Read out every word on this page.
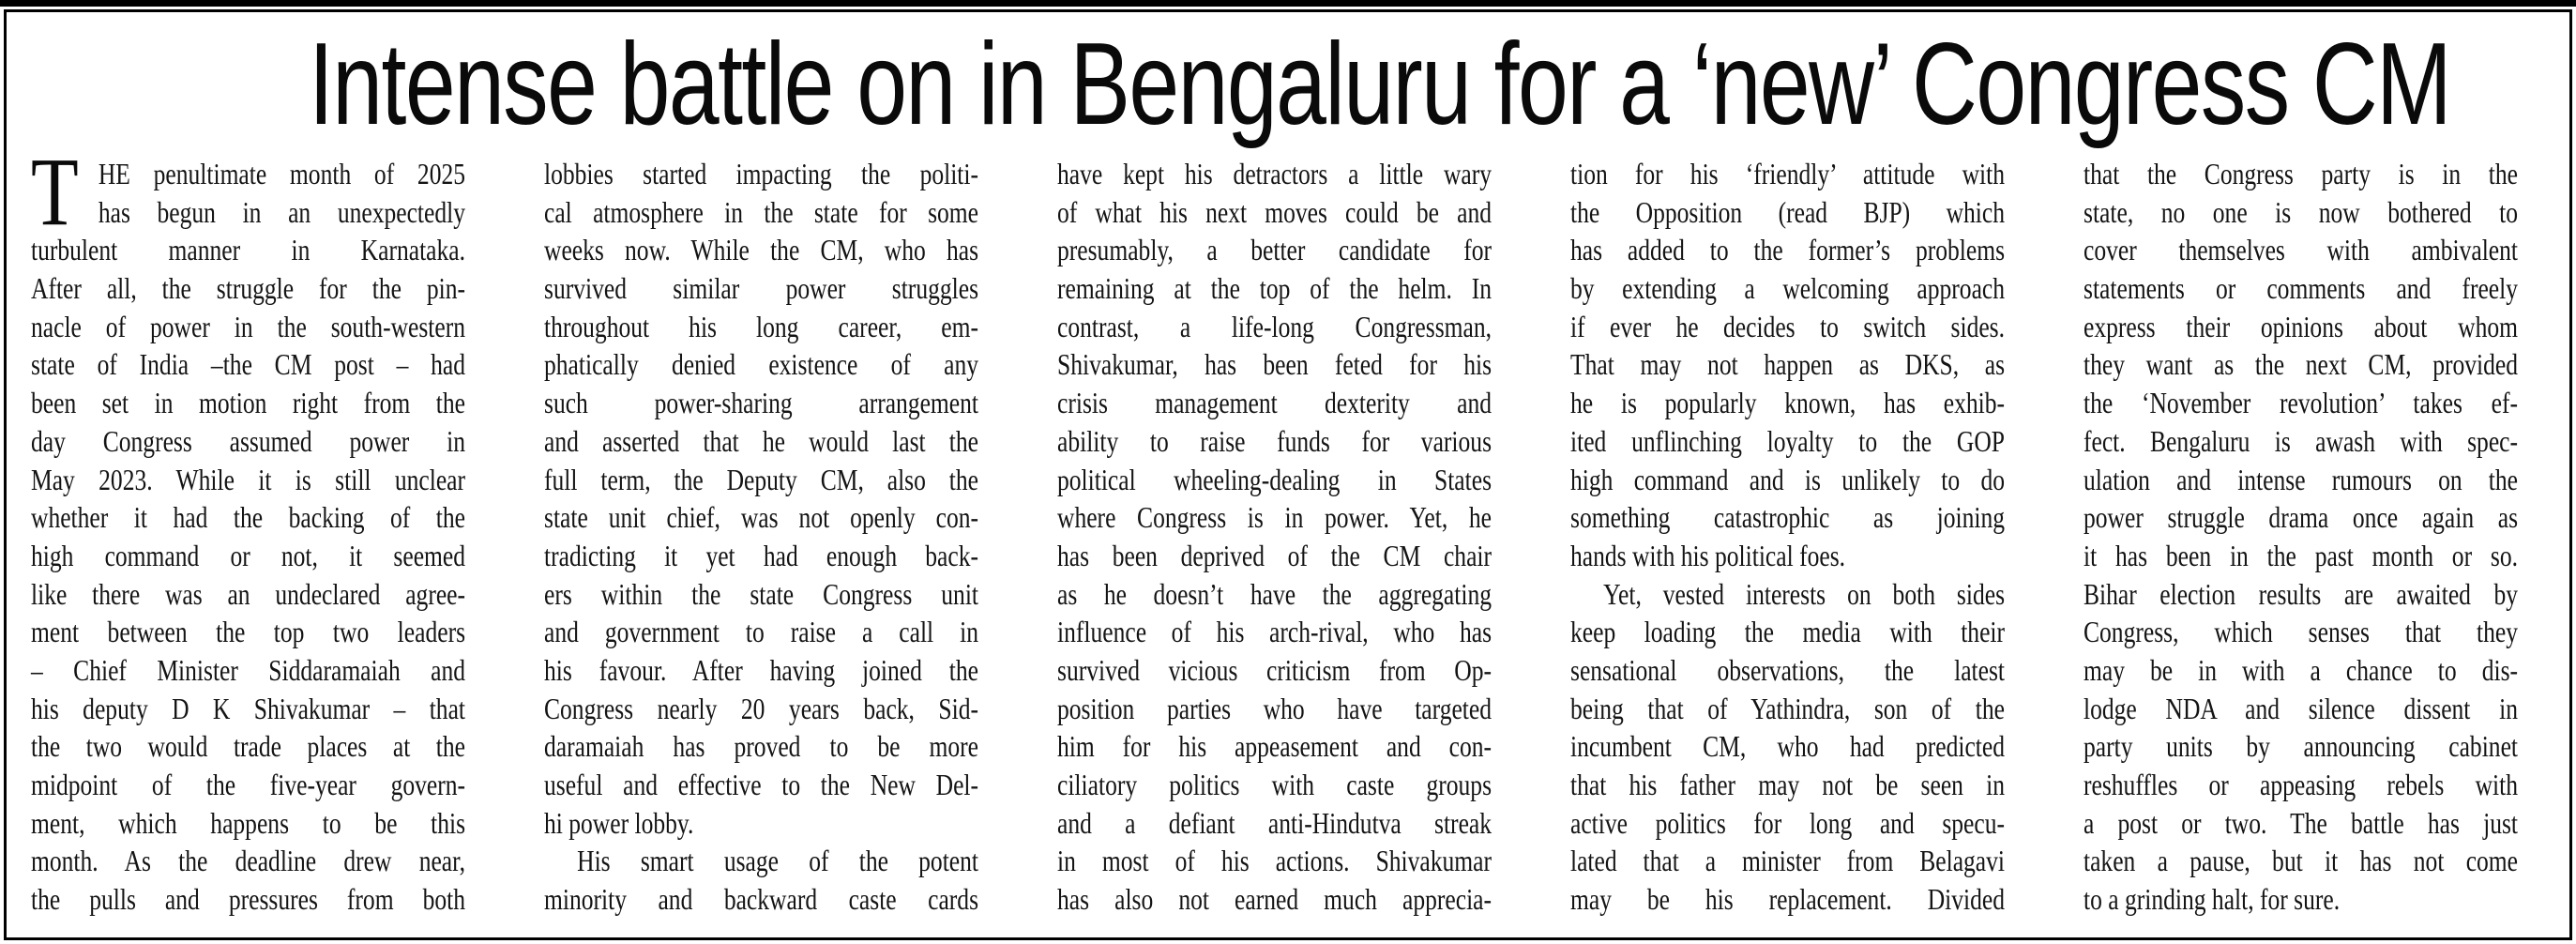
Intense battle on in Bengaluru for a ‘new’ Congress CM
T HE penultimate month of 2025
has begun in an unexpectedly
turbulent manner in Karnataka.
After all, the struggle for the pin-
nacle of power in the south-western
state of India –the CM post – had
been set in motion right from the
day Congress assumed power in
May 2023. While it is still unclear
whether it had the backing of the
high command or not, it seemed
like there was an undeclared agree-
ment between the top two leaders
– Chief Minister Siddaramaiah and
his deputy D K Shivakumar – that
the two would trade places at the
midpoint of the five-year govern-
ment, which happens to be this
month. As the deadline drew near,
the pulls and pressures from both
lobbies started impacting the politi-
cal atmosphere in the state for some
weeks now. While the CM, who has
survived similar power struggles
throughout his long career, em-
phatically denied existence of any
such power-sharing arrangement
and asserted that he would last the
full term, the Deputy CM, also the
state unit chief, was not openly con-
tradicting it yet had enough back-
ers within the state Congress unit
and government to raise a call in
his favour. After having joined the
Congress nearly 20 years back, Sid-
daramaiah has proved to be more
useful and effective to the New Del-
hi power lobby.
His smart usage of the potent
minority and backward caste cards
have kept his detractors a little wary
of what his next moves could be and
presumably, a better candidate for
remaining at the top of the helm. In
contrast, a life-long Congressman,
Shivakumar, has been feted for his
crisis management dexterity and
ability to raise funds for various
political wheeling-dealing in States
where Congress is in power. Yet, he
has been deprived of the CM chair
as he doesn’t have the aggregating
influence of his arch-rival, who has
survived vicious criticism from Op-
position parties who have targeted
him for his appeasement and con-
ciliatory politics with caste groups
and a defiant anti-Hindutva streak
in most of his actions. Shivakumar
has also not earned much apprecia-
tion for his ‘friendly’ attitude with
the Opposition (read BJP) which
has added to the former’s problems
by extending a welcoming approach
if ever he decides to switch sides.
That may not happen as DKS, as
he is popularly known, has exhib-
ited unflinching loyalty to the GOP
high command and is unlikely to do
something catastrophic as joining
hands with his political foes.
Yet, vested interests on both sides
keep loading the media with their
sensational observations, the latest
being that of Yathindra, son of the
incumbent CM, who had predicted
that his father may not be seen in
active politics for long and specu-
lated that a minister from Belagavi
may be his replacement. Divided
that the Congress party is in the
state, no one is now bothered to
cover themselves with ambivalent
statements or comments and freely
express their opinions about whom
they want as the next CM, provided
the ‘November revolution’ takes ef-
fect. Bengaluru is awash with spec-
ulation and intense rumours on the
power struggle drama once again as
it has been in the past month or so.
Bihar election results are awaited by
Congress, which senses that they
may be in with a chance to dis-
lodge NDA and silence dissent in
party units by announcing cabinet
reshuffles or appeasing rebels with
a post or two. The battle has just
taken a pause, but it has not come
to a grinding halt, for sure.
